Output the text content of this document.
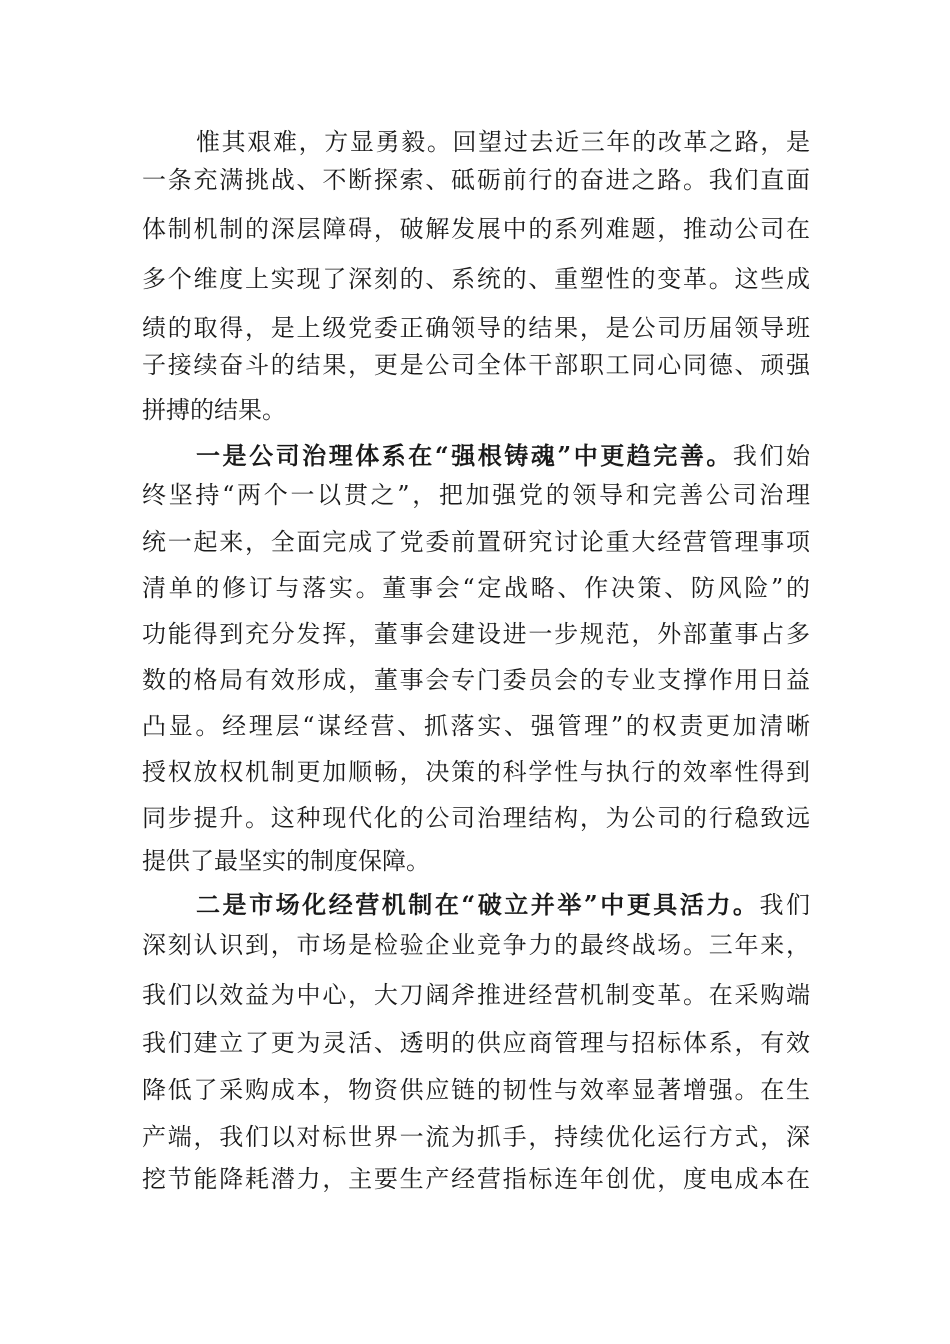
惟其艰难，方显勇毅。回望过去近三年的改革之路，是
一条充满挑战、不断探索、砥砺前行的奋进之路。我们直面
体制机制的深层障碍，破解发展中的系列难题，推动公司在
多个维度上实现了深刻的、系统的、重塑性的变革。这些成
绩的取得，是上级党委正确领导的结果，是公司历届领导班
子接续奋斗的结果，更是公司全体干部职工同心同德、顽强
拼搏的结果。
一是公司治理体系在“强根铸魂”中更趋完善。我们始
终坚持“两个一以贯之”，把加强党的领导和完善公司治理
统一起来，全面完成了党委前置研究讨论重大经营管理事项
清单的修订与落实。董事会“定战略、作决策、防风险”的
功能得到充分发挥，董事会建设进一步规范，外部董事占多
数的格局有效形成，董事会专门委员会的专业支撑作用日益
凸显。经理层“谋经营、抓落实、强管理”的权责更加清晰
授权放权机制更加顺畅，决策的科学性与执行的效率性得到
同步提升。这种现代化的公司治理结构，为公司的行稳致远
提供了最坚实的制度保障。
二是市场化经营机制在“破立并举”中更具活力。我们
深刻认识到，市场是检验企业竞争力的最终战场。三年来，
我们以效益为中心，大刀阔斧推进经营机制变革。在采购端
我们建立了更为灵活、透明的供应商管理与招标体系，有效
降低了采购成本，物资供应链的韧性与效率显著增强。在生
产端，我们以对标世界一流为抓手，持续优化运行方式，深
挖节能降耗潜力，主要生产经营指标连年创优，度电成本在
